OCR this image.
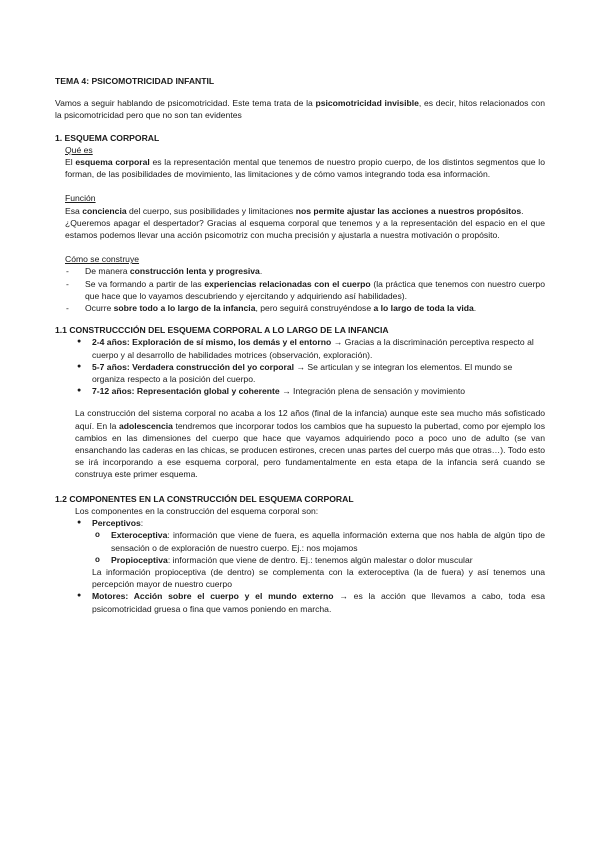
TEMA 4: PSICOMOTRICIDAD INFANTIL

Vamos a seguir hablando de psicomotricidad. Este tema trata de la psicomotricidad invisible, es decir, hitos relacionados con la psicomotricidad pero que no son tan evidentes

1. ESQUEMA CORPORAL

Qué es

El esquema corporal es la representación mental que tenemos de nuestro propio cuerpo, de los distintos segmentos que lo forman, de las posibilidades de movimiento, las limitaciones y de cómo vamos integrando toda esa información.

Función

Esa conciencia del cuerpo, sus posibilidades y limitaciones nos permite ajustar las acciones a nuestros propósitos.

¿Queremos apagar el despertador? Gracias al esquema corporal que tenemos y a la representación del espacio en el que estamos podemos llevar una acción psicomotriz con mucha precisión y ajustarla a nuestra motivación o propósito.

Cómo se construye

- De manera construcción lenta y progresiva.
- Se va formando a partir de las experiencias relacionadas con el cuerpo (la práctica que tenemos con nuestro cuerpo que hace que lo vayamos descubriendo y ejercitando y adquiriendo así habilidades).
- Ocurre sobre todo a lo largo de la infancia, pero seguirá construyéndose a lo largo de toda la vida.

1.1 CONSTRUCCCIÓN DEL ESQUEMA CORPORAL A LO LARGO DE LA INFANCIA

● 2-4 años: Exploración de sí mismo, los demás y el entorno → Gracias a la discriminación perceptiva respecto al cuerpo y al desarrollo de habilidades motrices (observación, exploración).
● 5-7 años: Verdadera construcción del yo corporal → Se articulan y se integran los elementos. El mundo se organiza respecto a la posición del cuerpo.
● 7-12 años: Representación global y coherente → Integración plena de sensación y movimiento

La construcción del sistema corporal no acaba a los 12 años (final de la infancia) aunque este sea mucho más sofisticado aquí. En la adolescencia tendremos que incorporar todos los cambios que ha supuesto la pubertad, como por ejemplo los cambios en las dimensiones del cuerpo que hace que vayamos adquiriendo poco a poco uno de adulto (se van ensanchando las caderas en las chicas, se producen estirones, crecen unas partes del cuerpo más que otras…). Todo esto se irá incorporando a ese esquema corporal, pero fundamentalmente en esta etapa de la infancia será cuando se construya este primer esquema.

1.2 COMPONENTES EN LA CONSTRUCCIÓN DEL ESQUEMA CORPORAL

Los componentes en la construcción del esquema corporal son:

● Perceptivos:
o Exteroceptiva: información que viene de fuera, es aquella información externa que nos habla de algún tipo de sensación o de exploración de nuestro cuerpo. Ej.: nos mojamos
o Propioceptiva: información que viene de dentro. Ej.: tenemos algún malestar o dolor muscular

La información propioceptiva (de dentro) se complementa con la exteroceptiva (la de fuera) y así tenemos una percepción mayor de nuestro cuerpo

● Motores: Acción sobre el cuerpo y el mundo externo → es la acción que llevamos a cabo, toda esa psicomotricidad gruesa o fina que vamos poniendo en marcha.
